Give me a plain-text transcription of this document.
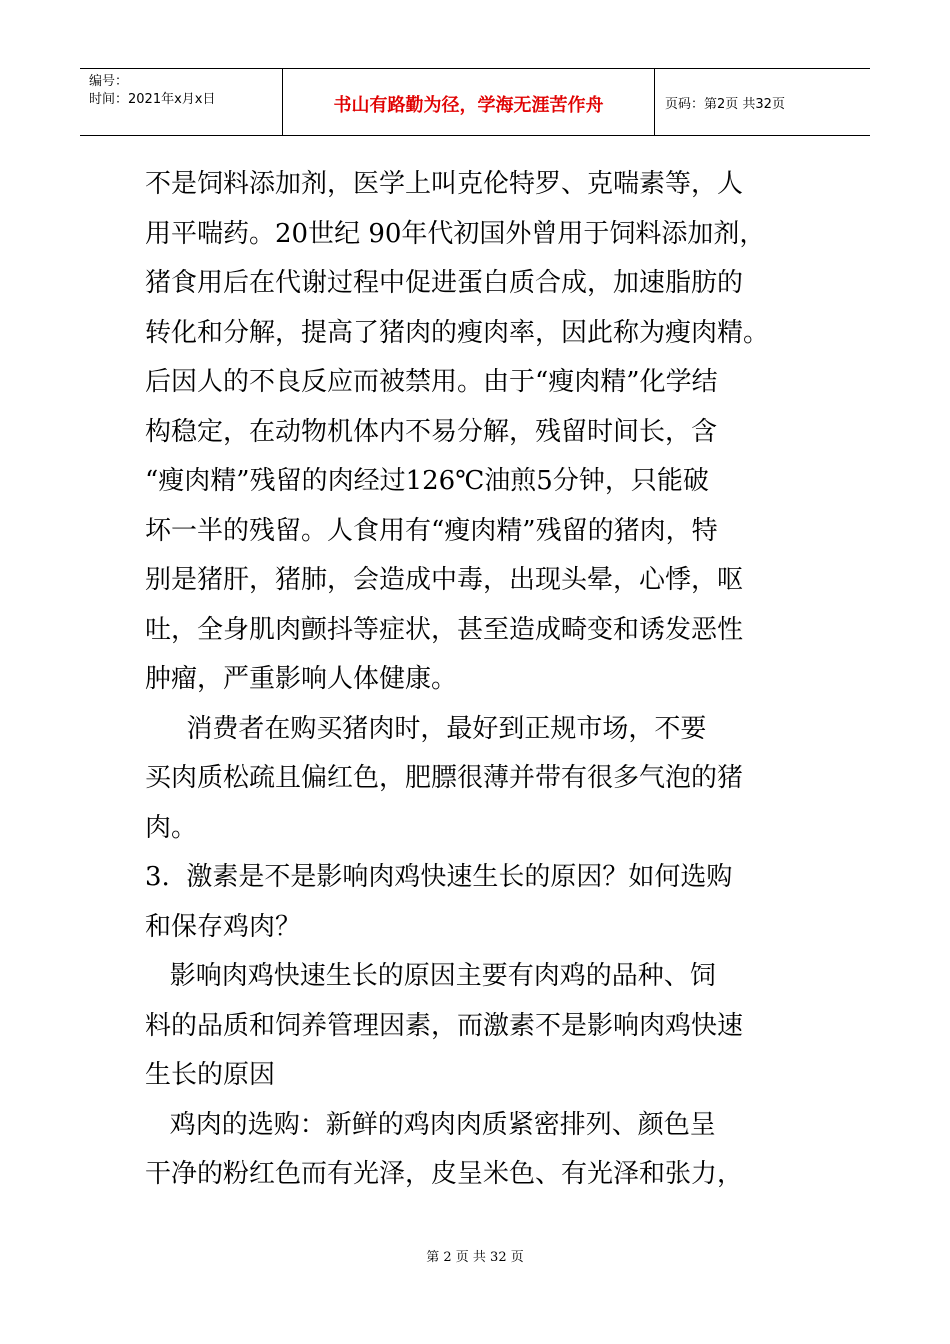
编号：
时间：2021年x月x日	书山有路勤为径，学海无涯苦作舟	页码：第2页 共32页

不是饲料添加剂，医学上叫克伦特罗、克喘素等，人

用平喘药。20世纪 90年代初国外曾用于饲料添加剂，

猪食用后在代谢过程中促进蛋白质合成，加速脂肪的

转化和分解，提高了猪肉的瘦肉率，因此称为瘦肉精。

后因人的不良反应而被禁用。由于“瘦肉精”化学结

构稳定，在动物机体内不易分解，残留时间长，含

“瘦肉精”残留的肉经过126℃油煎5分钟，只能破

坏一半的残留。人食用有“瘦肉精”残留的猪肉，特

别是猪肝，猪肺，会造成中毒，出现头晕，心悸，呕

吐，全身肌肉颤抖等症状，甚至造成畸变和诱发恶性

肿瘤，严重影响人体健康。

消费者在购买猪肉时，最好到正规市场，不要

买肉质松疏且偏红色，肥膘很薄并带有很多气泡的猪

肉。

3.  激素是不是影响肉鸡快速生长的原因？如何选购

和保存鸡肉？

影响肉鸡快速生长的原因主要有肉鸡的品种、饲

料的品质和饲养管理因素，而激素不是影响肉鸡快速

生长的原因

鸡肉的选购：新鲜的鸡肉肉质紧密排列、颜色呈

干净的粉红色而有光泽，皮呈米色、有光泽和张力，

第 2 页 共 32 页
